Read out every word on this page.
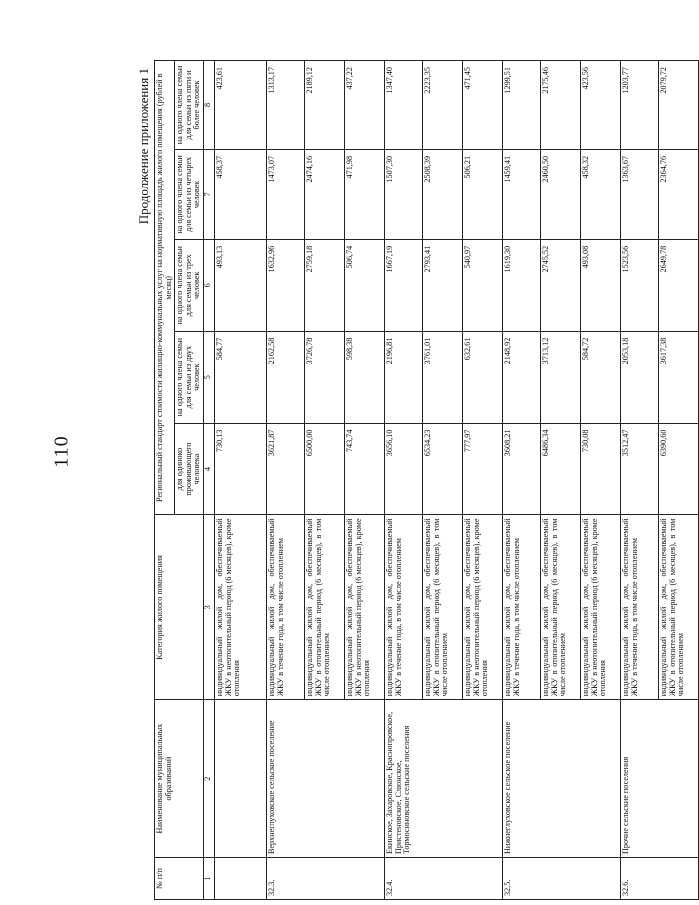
110
Продолжение приложения 1
№ п/п	Наименование муниципальных образований	Категория жилого помещения	Региональный стандарт стоимости жилищно-коммунальных услуг на нормативную площадь жилого помещения (рублей в месяц)				
			для одиноко проживающего человека	на одного члена семьи для семьи из двух человек	на одного члена семьи для семьи из трех человек	на одного члена семьи для семьи из четырех человек	на одного члена семьи для семьи из пяти и более человек
1	2	3	4	5	6	7	8
		индивидуальный жилой дом, обеспечиваемый ЖКУ в неотопительный период (6 месяцев), кроме отопления	730,13	584,77	493,13	458,37	423,61
32.3.	Верхнеглуховское сельское поселение	индивидуальный жилой дом, обеспечиваемый ЖКУ в течение года, в том числе отоплением	3621,87	2162,58	1632,96	1473,07	1313,17
		индивидуальный жилой дом, обеспечиваемый ЖКУ в отопительный период (6 месяцев), в том числе отоплением	6500,00	3726,78	2759,18	2474,16	2189,12
		индивидуальный жилой дом, обеспечиваемый ЖКУ в неотопительный период (6 месяцев), кроме отопления	743,74	598,38	506,74	471,98	437,22
32.4.	Екинское, Захаровское, Краснопровское, Пристеновское, Слюнское, Тормосиновское сельские поселения	индивидуальный жилой дом, обеспечиваемый ЖКУ в течение года, в том числе отоплением	3656,10	2196,81	1667,19	1507,30	1347,40
		индивидуальный жилой дом, обеспечиваемый ЖКУ в отопительный период (6 месяцев), в том числе отоплением	6534,23	3761,01	2793,41	2508,39	2223,35
		индивидуальный жилой дом, обеспечиваемый ЖКУ в неотопительный период (6 месяцев), кроме отопления	777,97	632,61	540,97	506,21	471,45
32.5.	Нижнеглуховское сельское поселение	индивидуальный жилой дом, обеспечиваемый ЖКУ в течение года, в том числе отоплением	3608,21	2148,92	1619,30	1459,41	1299,51
		индивидуальный жилой дом, обеспечиваемый ЖКУ в отопительный период (6 месяцев), в том числе отоплением	6486,34	3713,12	2745,52	2460,50	2175,46
		индивидуальный жилой дом, обеспечиваемый ЖКУ в неотопительный период (6 месяцев), кроме отопления	730,08	584,72	493,08	458,32	423,56
32.6.	Прочие сельские поселения	индивидуальный жилой дом, обеспечиваемый ЖКУ в течение года, в том числе отоплением	3512,47	2053,18	1523,56	1363,67	1203,77
		индивидуальный жилой дом, обеспечиваемый ЖКУ в отопительный период (6 месяцев), в том числе отоплением	6390,60	3617,38	2649,78	2364,76	2079,72
